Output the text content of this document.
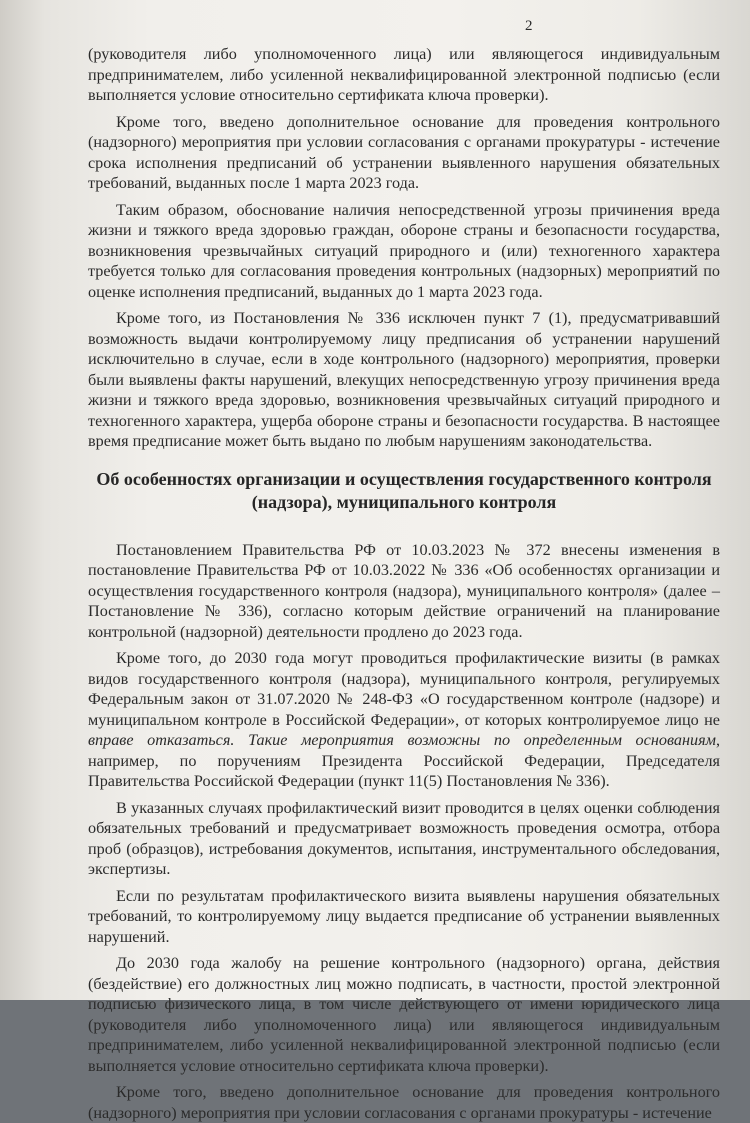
2

(руководителя либо уполномоченного лица) или являющегося индивидуальным предпринимателем, либо усиленной неквалифицированной электронной подписью (если выполняется условие относительно сертификата ключа проверки).

Кроме того, введено дополнительное основание для проведения контрольного (надзорного) мероприятия при условии согласования с органами прокуратуры - истечение срока исполнения предписаний об устранении выявленного нарушения обязательных требований, выданных после 1 марта 2023 года.

Таким образом, обоснование наличия непосредственной угрозы причинения вреда жизни и тяжкого вреда здоровью граждан, обороне страны и безопасности государства, возникновения чрезвычайных ситуаций природного и (или) техногенного характера требуется только для согласования проведения контрольных (надзорных) мероприятий по оценке исполнения предписаний, выданных до 1 марта 2023 года.

Кроме того, из Постановления № 336 исключен пункт 7 (1), предусматривавший возможность выдачи контролируемому лицу предписания об устранении нарушений исключительно в случае, если в ходе контрольного (надзорного) мероприятия, проверки были выявлены факты нарушений, влекущих непосредственную угрозу причинения вреда жизни и тяжкого вреда здоровью, возникновения чрезвычайных ситуаций природного и техногенного характера, ущерба обороне страны и безопасности государства. В настоящее время предписание может быть выдано по любым нарушениям законодательства.

Об особенностях организации и осуществления государственного контроля (надзора), муниципального контроля

Постановлением Правительства РФ от 10.03.2023 № 372 внесены изменения в постановление Правительства РФ от 10.03.2022 № 336 «Об особенностях организации и осуществления государственного контроля (надзора), муниципального контроля» (далее – Постановление № 336), согласно которым действие ограничений на планирование контрольной (надзорной) деятельности продлено до 2023 года.

Кроме того, до 2030 года могут проводиться профилактические визиты (в рамках видов государственного контроля (надзора), муниципального контроля, регулируемых Федеральным закон от 31.07.2020 № 248-ФЗ «О государственном контроле (надзоре) и муниципальном контроле в Российской Федерации», от которых контролируемое лицо не вправе отказаться. Такие мероприятия возможны по определенным основаниям, например, по поручениям Президента Российской Федерации, Председателя Правительства Российской Федерации (пункт 11(5) Постановления № 336).

В указанных случаях профилактический визит проводится в целях оценки соблюдения обязательных требований и предусматривает возможность проведения осмотра, отбора проб (образцов), истребования документов, испытания, инструментального обследования, экспертизы.

Если по результатам профилактического визита выявлены нарушения обязательных требований, то контролируемому лицу выдается предписание об устранении выявленных нарушений.

До 2030 года жалобу на решение контрольного (надзорного) органа, действия (бездействие) его должностных лиц можно подписать, в частности, простой электронной подписью физического лица, в том числе действующего от имени юридического лица (руководителя либо уполномоченного лица) или являющегося индивидуальным предпринимателем, либо усиленной неквалифицированной электронной подписью (если выполняется условие относительно сертификата ключа проверки).

Кроме того, введено дополнительное основание для проведения контрольного (надзорного) мероприятия при условии согласования с органами прокуратуры - истечение
